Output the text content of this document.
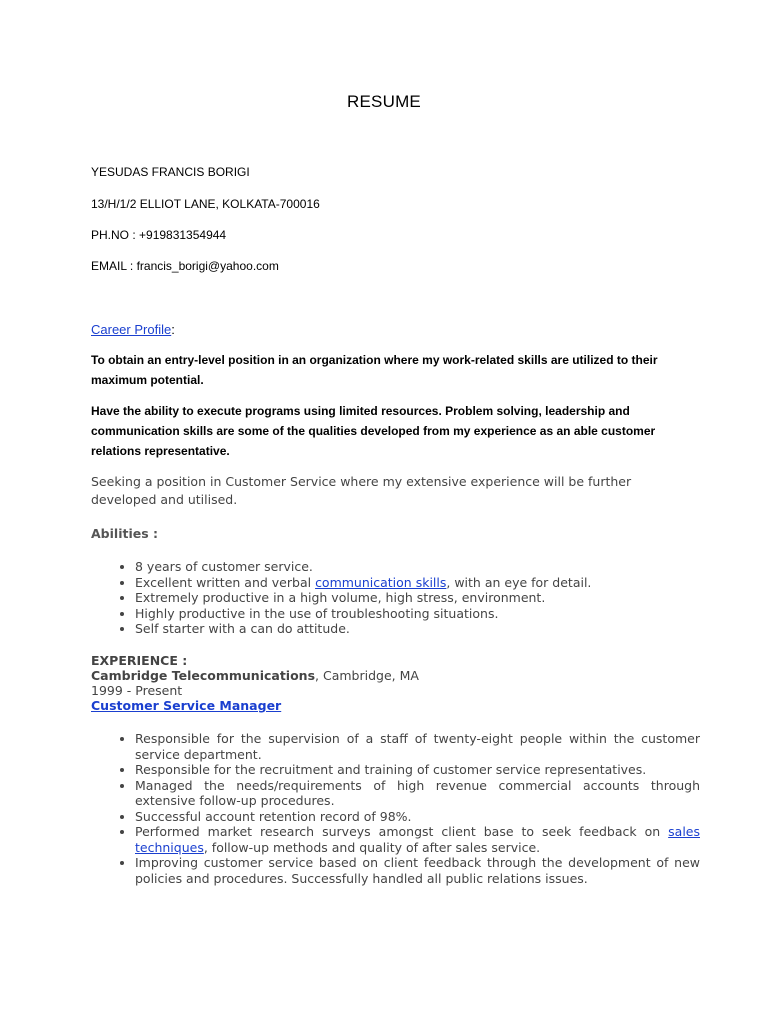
RESUME
YESUDAS FRANCIS BORIGI
13/H/1/2 ELLIOT LANE, KOLKATA-700016
PH.NO : +919831354944
EMAIL : francis_borigi@yahoo.com
Career Profile:
To obtain an entry-level position in an organization where my work-related skills are utilized to their maximum potential.
Have the ability to execute programs using limited resources. Problem solving, leadership and communication skills are some of the qualities developed from my experience as an able customer relations representative.
Seeking a position in Customer Service where my extensive experience will be further developed and utilised.
Abilities :
• 8 years of customer service.
• Excellent written and verbal communication skills, with an eye for detail.
• Extremely productive in a high volume, high stress, environment.
• Highly productive in the use of troubleshooting situations.
• Self starter with a can do attitude.
EXPERIENCE :
Cambridge Telecommunications, Cambridge, MA
1999 - Present
Customer Service Manager
• Responsible for the supervision of a staff of twenty-eight people within the customer service department.
• Responsible for the recruitment and training of customer service representatives.
• Managed the needs/requirements of high revenue commercial accounts through extensive follow-up procedures.
• Successful account retention record of 98%.
• Performed market research surveys amongst client base to seek feedback on sales techniques, follow-up methods and quality of after sales service.
• Improving customer service based on client feedback through the development of new policies and procedures. Successfully handled all public relations issues.
